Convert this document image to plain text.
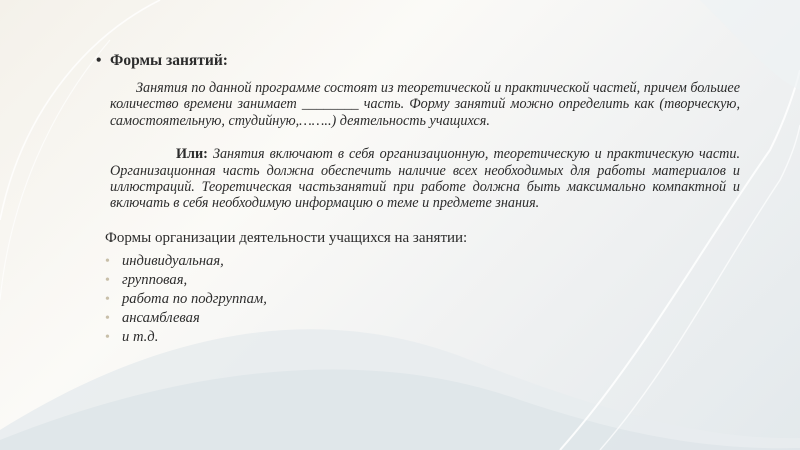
• Формы занятий:

Занятия по данной программе состоят из теоретической и практической частей, причем большее количество времени занимает ________ часть. Форму занятий можно определить как (творческую, самостоятельную, студийную,……..) деятельность учащихся.

Или: Занятия включают в себя организационную, теоретическую и практическую части. Организационная часть должна обеспечить наличие всех необходимых для работы материалов и иллюстраций. Теоретическая частьзанятий при работе должна быть максимально компактной и включать в себя необходимую информацию о теме и предмете знания.

Формы организации деятельности учащихся на занятии:
• индивидуальная,
• групповая,
• работа по подгруппам,
• ансамблевая
• и т.д.
